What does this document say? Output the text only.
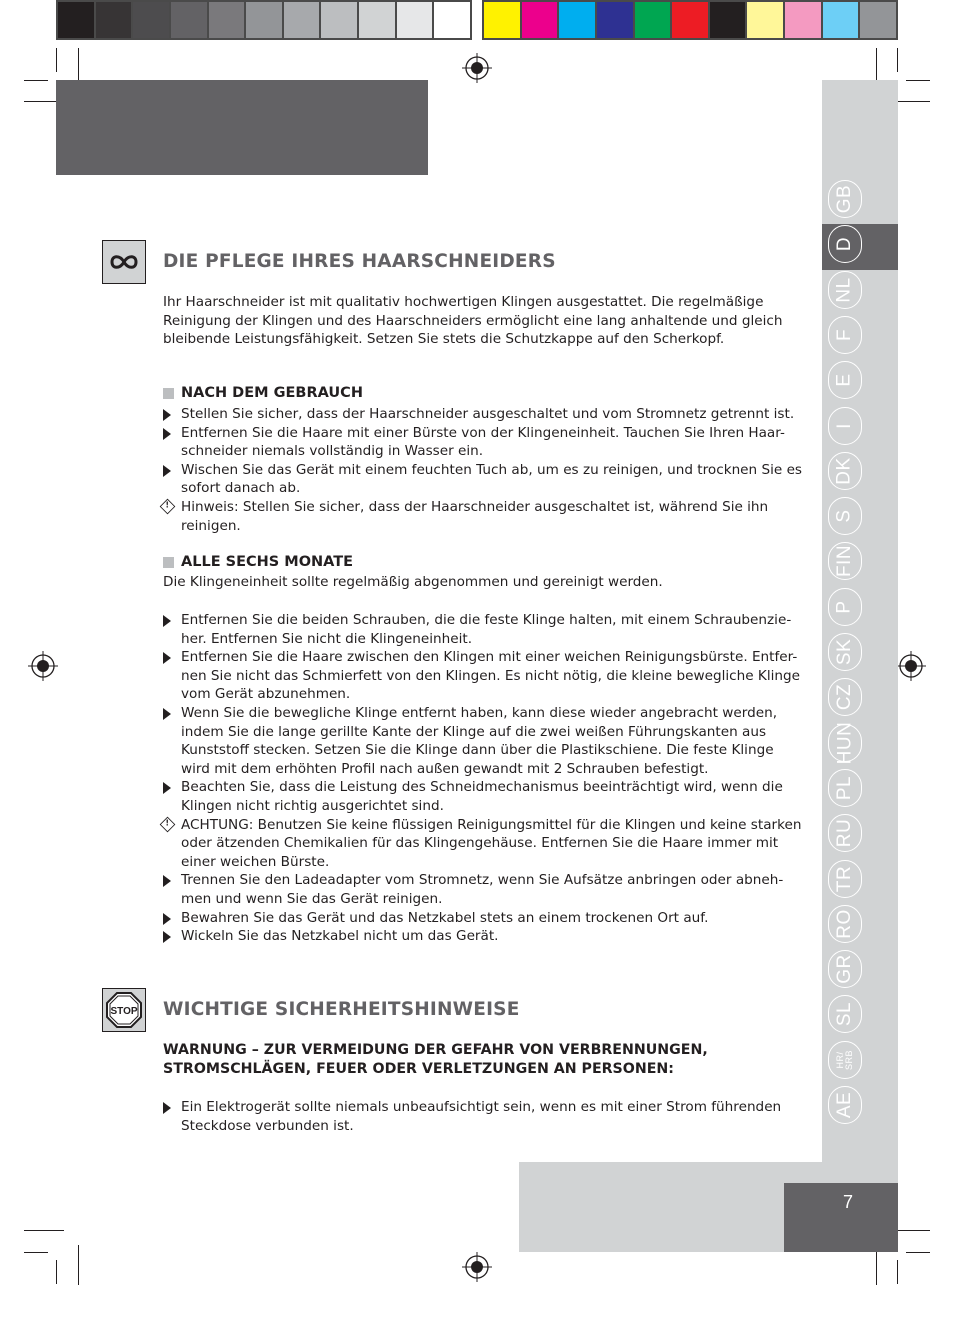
GB
D
NL
F
E
I
DK
S
FIN
P
SK
CZ
HUN
PL
RU
TR
RO
GR
SL
HR/
SRB
AE
7
DIE PFLEGE IHRES HAARSCHNEIDERS
Ihr Haarschneider ist mit qualitativ hochwertigen Klingen ausgestattet. Die regelmäßige Reinigung der Klingen und des Haarschneiders ermöglicht eine lang anhaltende und gleich bleibende Leistungsfähigkeit. Setzen Sie stets die Schutzkappe auf den Scherkopf.
NACH DEM GEBRAUCH
Stellen Sie sicher, dass der Haarschneider ausgeschaltet und vom Stromnetz getrennt ist.
Entfernen Sie die Haare mit einer Bürste von der Klingeneinheit. Tauchen Sie Ihren Haar-schneider niemals vollständig in Wasser ein.
Wischen Sie das Gerät mit einem feuchten Tuch ab, um es zu reinigen, und trocknen Sie es sofort danach ab.
! Hinweis: Stellen Sie sicher, dass der Haarschneider ausgeschaltet ist, während Sie ihn reinigen.
ALLE SECHS MONATE
Die Klingeneinheit sollte regelmäßig abgenommen und gereinigt werden.
Entfernen Sie die beiden Schrauben, die die feste Klinge halten, mit einem Schraubenzie-her. Entfernen Sie nicht die Klingeneinheit.
Entfernen Sie die Haare zwischen den Klingen mit einer weichen Reinigungsbürste. Entfer-nen Sie nicht das Schmierfett von den Klingen. Es nicht nötig, die kleine bewegliche Klinge vom Gerät abzunehmen.
Wenn Sie die bewegliche Klinge entfernt haben, kann diese wieder angebracht werden, indem Sie die lange gerillte Kante der Klinge auf die zwei weißen Führungskanten aus Kunststoff stecken. Setzen Sie die Klinge dann über die Plastikschiene. Die feste Klinge wird mit dem erhöhten Profil nach außen gewandt mit 2 Schrauben befestigt.
Beachten Sie, dass die Leistung des Schneidmechanismus beeinträchtigt wird, wenn die Klingen nicht richtig ausgerichtet sind.
! ACHTUNG: Benutzen Sie keine flüssigen Reinigungsmittel für die Klingen und keine starken oder ätzenden Chemikalien für das Klingengehäuse. Entfernen Sie die Haare immer mit einer weichen Bürste.
Trennen Sie den Ladeadapter vom Stromnetz, wenn Sie Aufsätze anbringen oder abneh-men und wenn Sie das Gerät reinigen.
Bewahren Sie das Gerät und das Netzkabel stets an einem trockenen Ort auf.
Wickeln Sie das Netzkabel nicht um das Gerät.
STOP WICHTIGE SICHERHEITSHINWEISE
WARNUNG – ZUR VERMEIDUNG DER GEFAHR VON VERBRENNUNGEN, STROMSCHLÄGEN, FEUER ODER VERLETZUNGEN AN PERSONEN:
Ein Elektrogerät sollte niemals unbeaufsichtigt sein, wenn es mit einer Strom führenden Steckdose verbunden ist.
